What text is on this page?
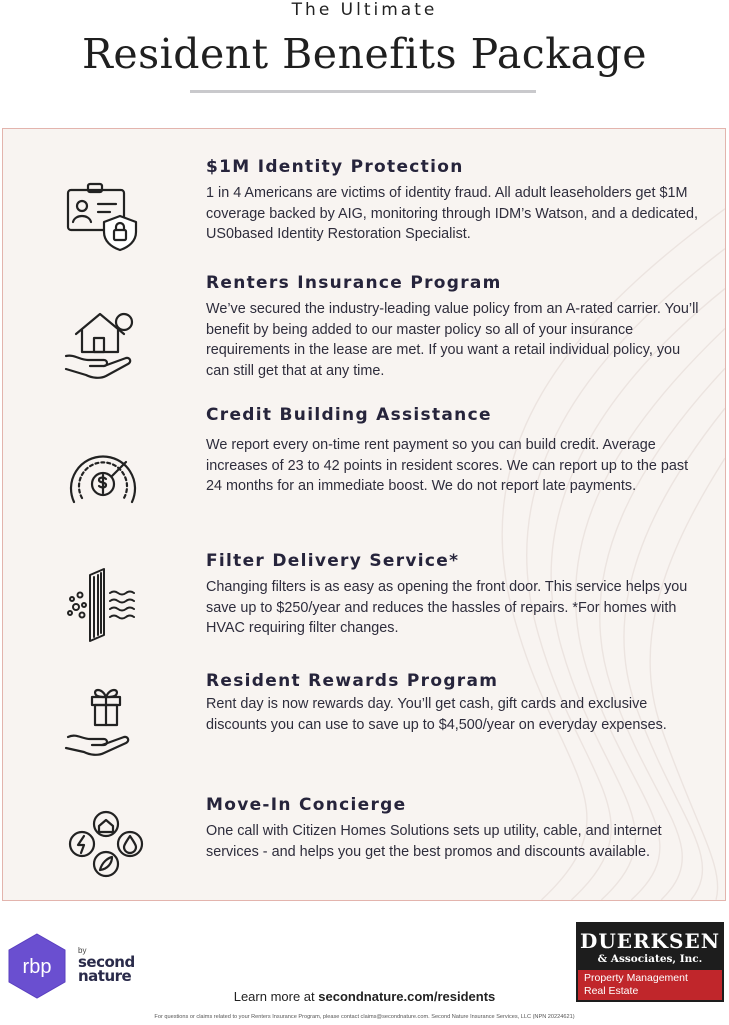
The Ultimate
Resident Benefits Package
$1M Identity Protection
1 in 4 Americans are victims of identity fraud. All adult leaseholders get $1M coverage backed by AIG, monitoring through IDM’s Watson, and a dedicated, US0based Identity Restoration Specialist.
Renters Insurance Program
We’ve secured the industry-leading value policy from an A-rated carrier. You’ll benefit by being added to our master policy so all of your insurance requirements in the lease are met. If you want a retail individual policy, you can still get that at any time.
Credit Building Assistance
We report every on-time rent payment so you can build credit. Average increases of 23 to 42 points in resident scores. We can report up to the past 24 months for an immediate boost. We do not report late payments.
Filter Delivery Service*
Changing filters is as easy as opening the front door. This service helps you save up to $250/year and reduces the hassles of repairs. *For homes with HVAC requiring filter changes.
Resident Rewards Program
Rent day is now rewards day. You’ll get cash, gift cards and exclusive discounts you can use to save up to $4,500/year on everyday expenses.
Move-In Concierge
One call with Citizen Homes Solutions sets up utility, cable, and internet services - and helps you get the best promos and discounts available.
rbp
by
second
nature
DUERKSEN
& Associates, Inc.
Property Management
Real Estate
Learn more at secondnature.com/residents
For questions or claims related to your Renters Insurance Program, please contact claims@secondnature.com. Second Nature Insurance Services, LLC (NPN 20224621)
